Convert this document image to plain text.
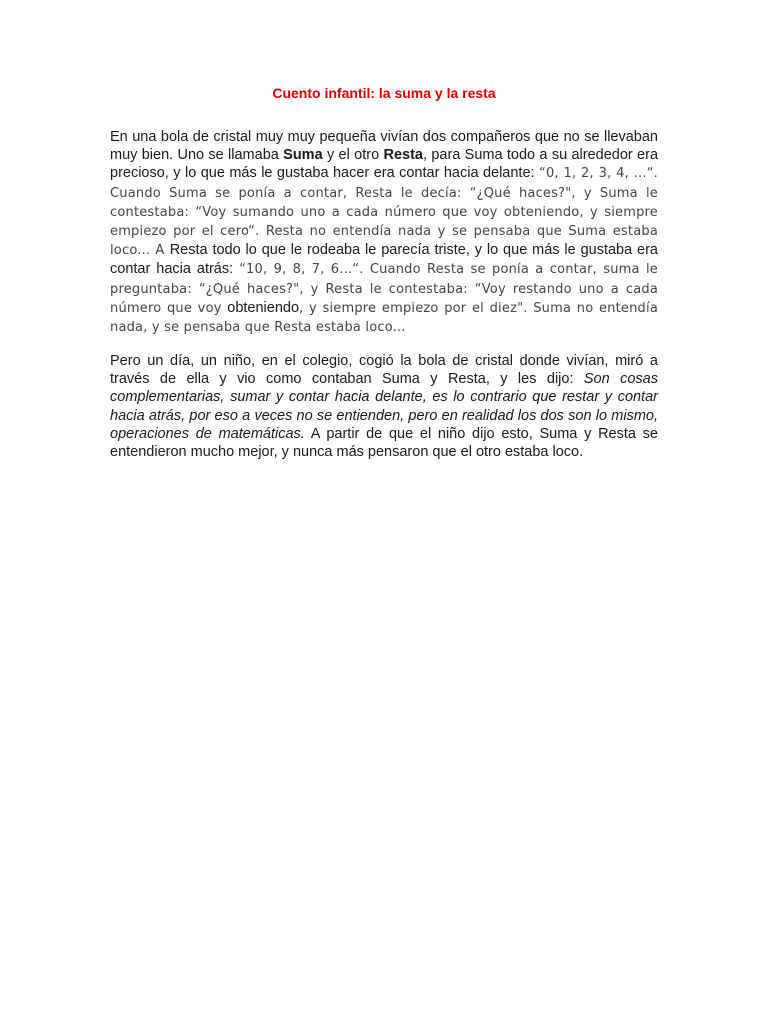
Cuento infantil: la suma y la resta

En una bola de cristal muy muy pequeña vivían dos compañeros que no se llevaban muy bien. Uno se llamaba Suma y el otro Resta, para Suma todo a su alrededor era precioso, y lo que más le gustaba hacer era contar hacia delante: “0, 1, 2, 3, 4, ...“. Cuando Suma se ponía a contar, Resta le decía: “¿Qué haces?", y Suma le contestaba: “Voy sumando uno a cada número que voy obteniendo, y siempre empiezo por el cero“. Resta no entendía nada y se pensaba que Suma estaba loco... A Resta todo lo que le rodeaba le parecía triste, y lo que más le gustaba era contar hacia atrás: “10, 9, 8, 7, 6...“. Cuando Resta se ponía a contar, suma le preguntaba: “¿Qué haces?", y Resta le contestaba: “Voy restando uno a cada número que voy obteniendo, y siempre empiezo por el diez". Suma no entendía nada, y se pensaba que Resta estaba loco...

Pero un día, un niño, en el colegio, cogió la bola de cristal donde vivían, miró a través de ella y vio como contaban Suma y Resta, y les dijo: Son cosas complementarias, sumar y contar hacia delante, es lo contrario que restar y contar hacia atrás, por eso a veces no se entienden, pero en realidad los dos son lo mismo, operaciones de matemáticas. A partir de que el niño dijo esto, Suma y Resta se entendieron mucho mejor, y nunca más pensaron que el otro estaba loco.
